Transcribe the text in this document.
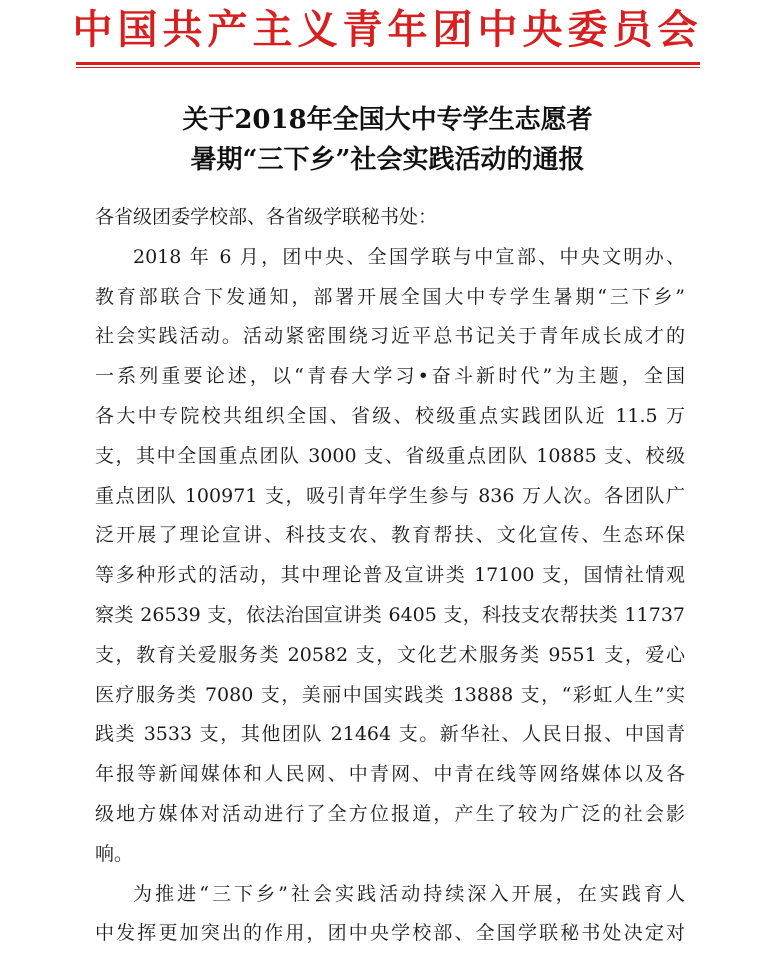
中国共产主义青年团中央委员会
关于2018年全国大中专学生志愿者
暑期“三下乡”社会实践活动的通报
各省级团委学校部、各省级学联秘书处：
2018 年 6 月，团中央、全国学联与中宣部、中央文明办、
教育部联合下发通知，部署开展全国大中专学生暑期“三下乡”
社会实践活动。活动紧密围绕习近平总书记关于青年成长成才的
一系列重要论述，以“青春大学习•奋斗新时代”为主题，全国
各大中专院校共组织全国、省级、校级重点实践团队近 11.5 万
支，其中全国重点团队 3000 支、省级重点团队 10885 支、校级
重点团队 100971 支，吸引青年学生参与 836 万人次。各团队广
泛开展了理论宣讲、科技支农、教育帮扶、文化宣传、生态环保
等多种形式的活动，其中理论普及宣讲类 17100 支，国情社情观
察类 26539 支，依法治国宣讲类 6405 支，科技支农帮扶类 11737
支，教育关爱服务类 20582 支，文化艺术服务类 9551 支，爱心
医疗服务类 7080 支，美丽中国实践类 13888 支，“彩虹人生”实
践类 3533 支，其他团队 21464 支。新华社、人民日报、中国青
年报等新闻媒体和人民网、中青网、中青在线等网络媒体以及各
级地方媒体对活动进行了全方位报道，产生了较为广泛的社会影
响。
为推进“三下乡”社会实践活动持续深入开展，在实践育人
中发挥更加突出的作用，团中央学校部、全国学联秘书处决定对
